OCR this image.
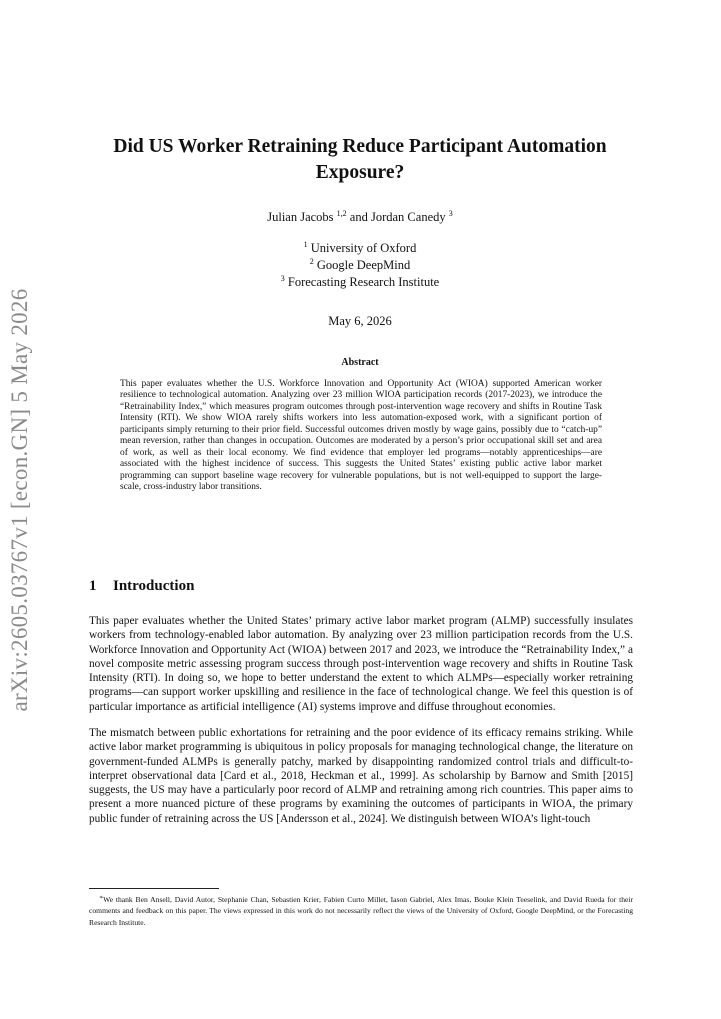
arXiv:2605.03767v1 [econ.GN] 5 May 2026
Did US Worker Retraining Reduce Participant Automation Exposure?
Julian Jacobs $^{1,2}$ and Jordan Canedy $^3$
$^1$ University of Oxford
$^2$ Google DeepMind
$^3$ Forecasting Research Institute
May 6, 2026
Abstract

This paper evaluates whether the U.S. Workforce Innovation and Opportunity Act (WIOA) supported American worker resilience to technological automation. Analyzing over 23 million WIOA participation records (2017-2023), we introduce the “Retrainability Index,” which measures program outcomes through post-intervention wage recovery and shifts in Routine Task Intensity (RTI). We show WIOA rarely shifts workers into less automation-exposed work, with a significant portion of participants simply returning to their prior field. Successful outcomes driven mostly by wage gains, possibly due to “catch-up” mean reversion, rather than changes in occupation. Outcomes are moderated by a person’s prior occupational skill set and area of work, as well as their local economy. We find evidence that employer led programs—notably apprenticeships—are associated with the highest incidence of success. This suggests the United States’ existing public active labor market programming can support baseline wage recovery for vulnerable populations, but is not well-equipped to support the large-scale, cross-industry labor transitions.

1 Introduction

This paper evaluates whether the United States’ primary active labor market program (ALMP) successfully insulates workers from technology-enabled labor automation. By analyzing over 23 million participation records from the U.S. Workforce Innovation and Opportunity Act (WIOA) between 2017 and 2023, we introduce the “Retrainability Index,” a novel composite metric assessing program success through post-intervention wage recovery and shifts in Routine Task Intensity (RTI). In doing so, we hope to better understand the extent to which ALMPs—especially worker retraining programs—can support worker upskilling and resilience in the face of technological change. We feel this question is of particular importance as artificial intelligence (AI) systems improve and diffuse throughout economies.

The mismatch between public exhortations for retraining and the poor evidence of its efficacy remains striking. While active labor market programming is ubiquitous in policy proposals for managing technological change, the literature on government-funded ALMPs is generally patchy, marked by disappointing randomized control trials and difficult-to-interpret observational data [Card et al., 2018, Heckman et al., 1999]. As scholarship by Barnow and Smith [2015] suggests, the US may have a particularly poor record of ALMP and retraining among rich countries. This paper aims to present a more nuanced picture of these programs by examining the outcomes of participants in WIOA, the primary public funder of retraining across the US [Andersson et al., 2024]. We distinguish between WIOA’s light-touch

∗We thank Ben Ansell, David Autor, Stephanie Chan, Sebastien Krier, Fabien Curto Millet, Iason Gabriel, Alex Imas, Bouke Klein Teeselink, and David Rueda for their comments and feedback on this paper. The views expressed in this work do not necessarily reflect the views of the University of Oxford, Google DeepMind, or the Forecasting Research Institute.
